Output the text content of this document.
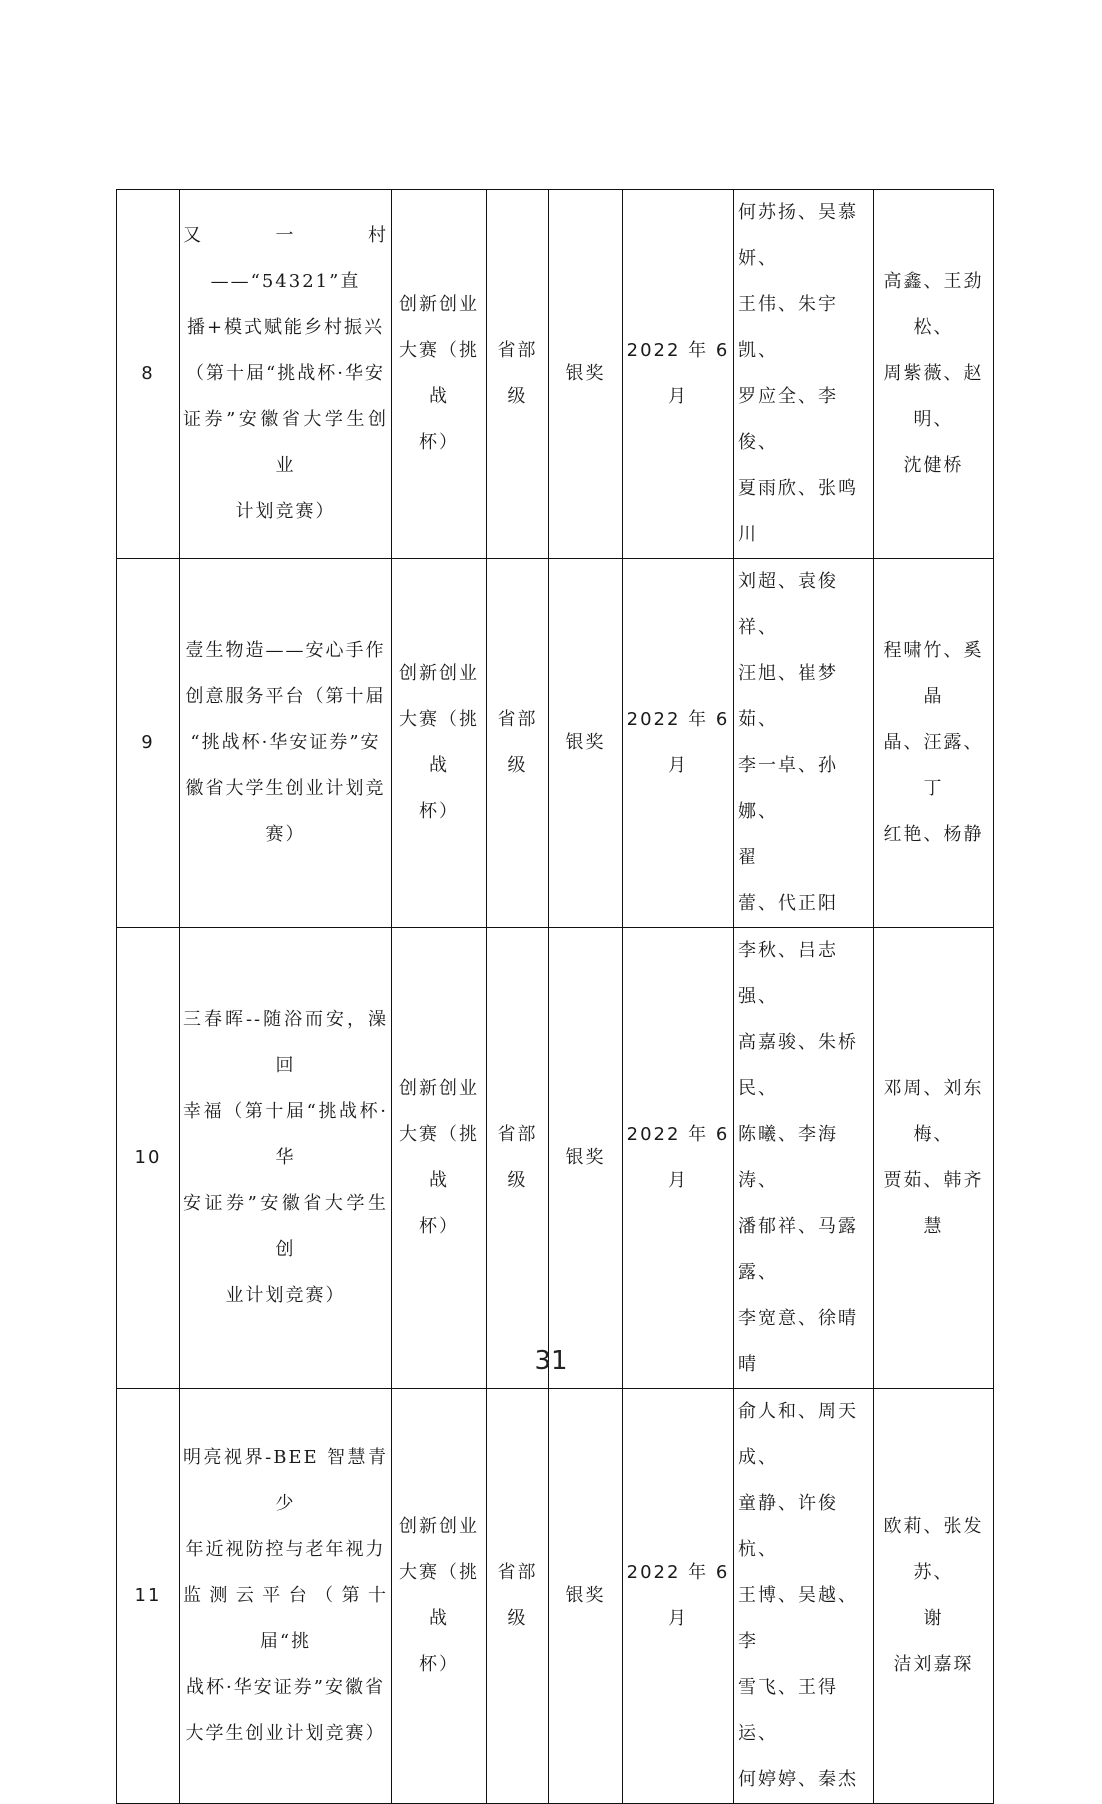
8	又一村——“54321”直
播+模式赋能乡村振兴
（第十届“挑战杯·华安
证券”安徽省大学生创业
计划竞赛）	创新创业
大赛（挑战
杯）	省部级	银奖	2022 年 6 月	何苏扬、吴慕妍、
王伟、朱宇凯、
罗应全、李俊、
夏雨欣、张鸣川	高鑫、王劲松、
周紫薇、赵明、
沈健桥

9	壹生物造——安心手作
创意服务平台（第十届
“挑战杯·华安证券”安
徽省大学生创业计划竞
赛）	创新创业
大赛（挑战
杯）	省部级	银奖	2022 年 6 月	刘超、袁俊祥、
汪旭、崔梦茹、
李一卓、孙娜、
翟
蕾、代正阳	程啸竹、奚晶
晶、汪露、丁
红艳、杨静

10	三春晖--随浴而安，澡回
幸福（第十届“挑战杯·华
安证券”安徽省大学生创
业计划竞赛）	创新创业
大赛（挑战
杯）	省部级	银奖	2022 年 6 月	李秋、吕志强、
高嘉骏、朱桥民、
陈曦、李海涛、
潘郁祥、马露露、
李宽意、徐晴晴	邓周、刘东梅、
贾茹、韩齐慧

11	明亮视界-BEE 智慧青少
年近视防控与老年视力
监测云平台（第十届“挑
战杯·华安证券”安徽省
大学生创业计划竞赛）	创新创业
大赛（挑战
杯）	省部级	银奖	2022 年 6 月	俞人和、周天成、
童静、许俊杭、
王博、吴越、李
雪飞、王得运、
何婷婷、秦杰	欧莉、张发苏、
谢
洁刘嘉琛
31
